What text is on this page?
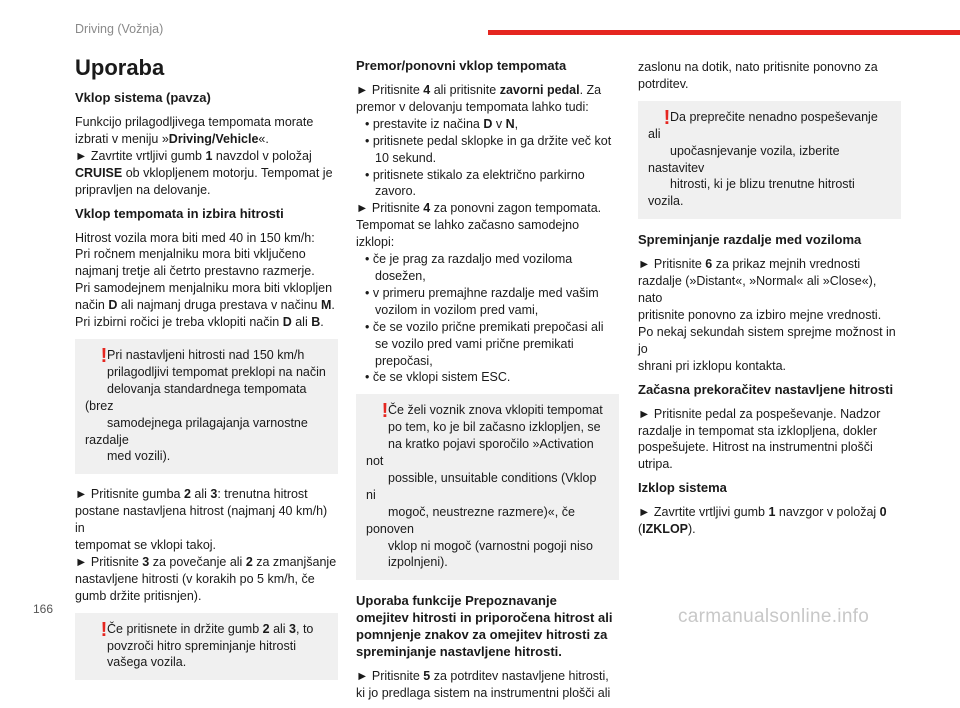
Driving (Vožnja)
Uporaba
Vklop sistema (pavza)

Funkcijo prilagodljivega tempomata morate
izbrati v meniju »Driving/Vehicle«.
► Zavrtite vrtljivi gumb 1 navzdol v položaj
CRUISE ob vklopljenem motorju. Tempomat je
pripravljen na delovanje.

Vklop tempomata in izbira hitrosti

Hitrost vozila mora biti med 40 in 150 km/h:
Pri ročnem menjalniku mora biti vključeno
najmanj tretje ali četrto prestavno razmerje.
Pri samodejnem menjalniku mora biti vklopljen
način D ali najmanj druga prestava v načinu M.
Pri izbirni ročici je treba vklopiti način D ali B.

! Pri nastavljeni hitrosti nad 150 km/h
prilagodljivi tempomat preklopi na način
delovanja standardnega tempomata (brez
samodejnega prilagajanja varnostne razdalje
med vozili).

► Pritisnite gumba 2 ali 3: trenutna hitrost
postane nastavljena hitrost (najmanj 40 km/h) in
tempomat se vklopi takoj.
► Pritisnite 3 za povečanje ali 2 za zmanjšanje
nastavljene hitrosti (v korakih po 5 km/h, če
gumb držite pritisnjen).

! Če pritisnete in držite gumb 2 ali 3, to
povzroči hitro spreminjanje hitrosti
vašega vozila.
Premor/ponovni vklop tempomata

► Pritisnite 4 ali pritisnite zavorni pedal. Za
premor v delovanju tempomata lahko tudi:
• prestavite iz načina D v N,
• pritisnete pedal sklopke in ga držite več kot 10 sekund.
• pritisnete stikalo za električno parkirno zavoro.
► Pritisnite 4 za ponovni zagon tempomata.
Tempomat se lahko začasno samodejno izklopi:
• če je prag za razdaljo med voziloma dosežen,
• v primeru premajhne razdalje med vašim vozilom in vozilom pred vami,
• če se vozilo prične premikati prepočasi ali se vozilo pred vami prične premikati prepočasi,
• če se vklopi sistem ESC.

! Če želi voznik znova vklopiti tempomat
po tem, ko je bil začasno izklopljen, se
na kratko pojavi sporočilo »Activation not
possible, unsuitable conditions (Vklop ni
mogoč, neustrezne razmere)«, če ponoven
vklop ni mogoč (varnostni pogoji niso
izpolnjeni).
Uporaba funkcije Prepoznavanje
omejitev hitrosti in priporočena hitrost ali
pomnjenje znakov za omejitev hitrosti za
spreminjanje nastavljene hitrosti.

► Pritisnite 5 za potrditev nastavljene hitrosti,
ki jo predlaga sistem na instrumentni plošči ali

zaslonu na dotik, nato pritisnite ponovno za
potrditev.

! Da preprečite nenadno pospeševanje ali
upočasnjevanje vozila, izberite nastavitev
hitrosti, ki je blizu trenutne hitrosti vozila.
Spreminjanje razdalje med voziloma

► Pritisnite 6 za prikaz mejnih vrednosti
razdalje (»Distant«, »Normal« ali »Close«), nato
pritisnite ponovno za izbiro mejne vrednosti.
Po nekaj sekundah sistem sprejme možnost in jo
shrani pri izklopu kontakta.

Začasna prekoračitev nastavljene hitrosti

► Pritisnite pedal za pospeševanje. Nadzor
razdalje in tempomat sta izklopljena, dokler
pospešujete. Hitrost na instrumentni plošči
utripa.

Izklop sistema

► Zavrtite vrtljivi gumb 1 navzgor v položaj 0
(IZKLOP).

166	carmanualsonline.info
